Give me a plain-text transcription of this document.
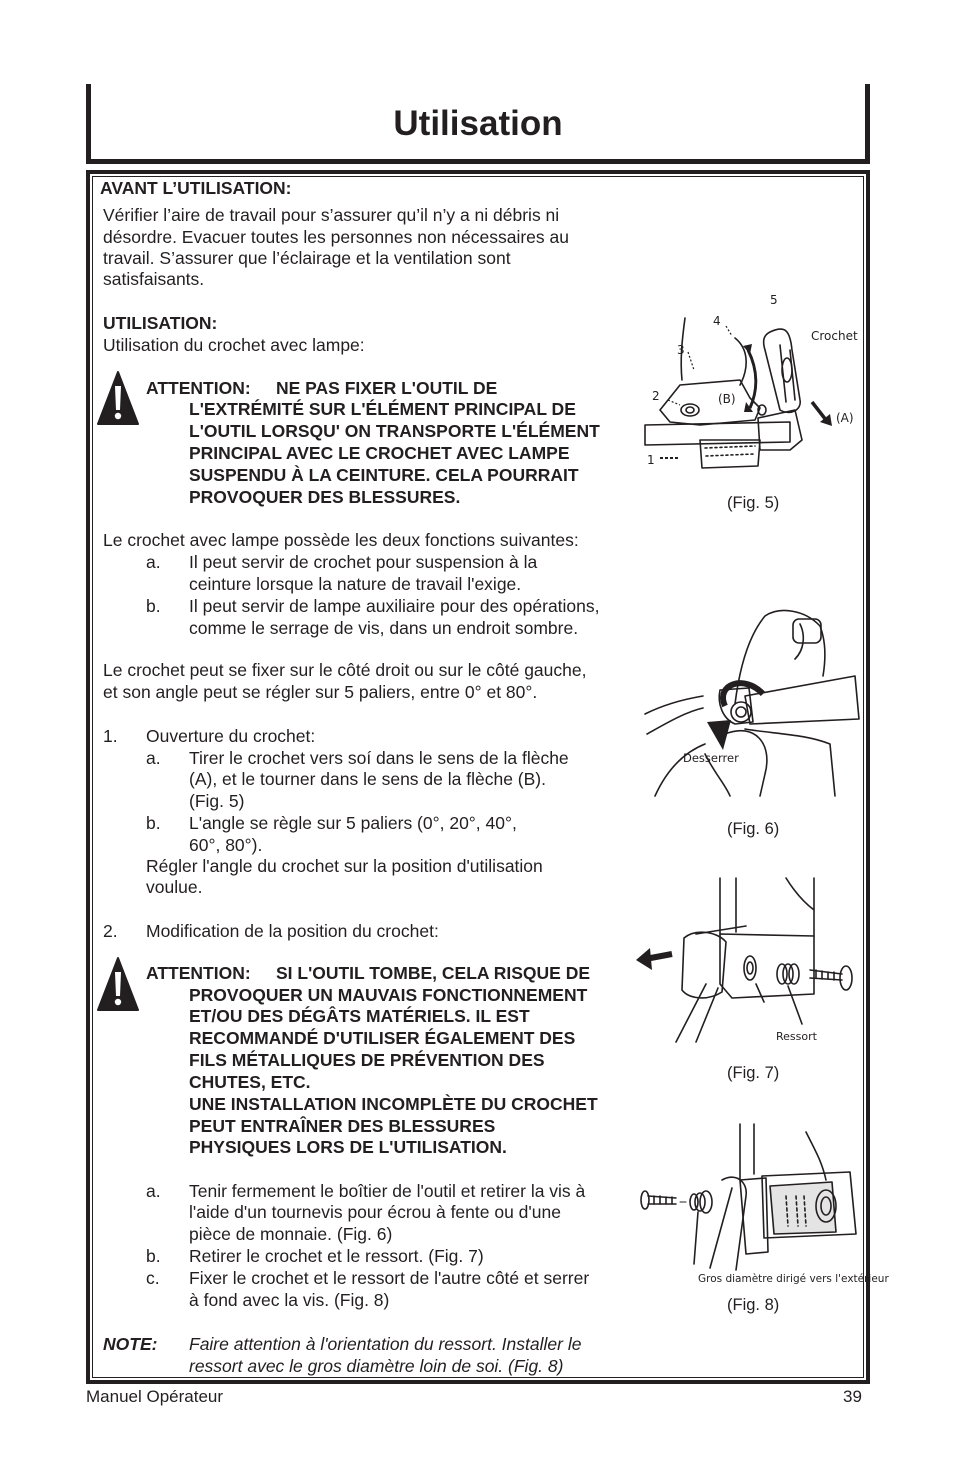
Utilisation
AVANT L’UTILISATION:
Vérifier l’aire de travail pour s’assurer qu’il n’y a ni débris ni
désordre. Evacuer toutes les personnes non nécessaires au
travail. S’assurer que l’éclairage et la ventilation sont
satisfaisants.
UTILISATION:
Utilisation du crochet avec lampe:
ATTENTION: NE PAS FIXER L'OUTIL DE
L'EXTRÉMITÉ SUR L'ÉLÉMENT PRINCIPAL DE
L'OUTIL LORSQU' ON TRANSPORTE L'ÉLÉMENT
PRINCIPAL AVEC LE CROCHET AVEC LAMPE
SUSPENDU À LA CEINTURE. CELA POURRAIT
PROVOQUER DES BLESSURES.
Le crochet avec lampe possède les deux fonctions suivantes:
a. Il peut servir de crochet pour suspension à la
ceinture lorsque la nature de travail l'exige.
b. Il peut servir de lampe auxiliaire pour des opérations,
comme le serrage de vis, dans un endroit sombre.
Le crochet peut se fixer sur le côté droit ou sur le côté gauche,
et son angle peut se régler sur 5 paliers, entre 0° et 80°.
1. Ouverture du crochet:
a. Tirer le crochet vers soí dans le sens de la flèche
(A), et le tourner dans le sens de la flèche (B).
(Fig. 5)
b. L'angle se règle sur 5 paliers (0°, 20°, 40°,
60°, 80°).
Régler l'angle du crochet sur la position d'utilisation
voulue.
2. Modification de la position du crochet:
ATTENTION: SI L'OUTIL TOMBE, CELA RISQUE DE
PROVOQUER UN MAUVAIS FONCTIONNEMENT
ET/OU DES DÉGÂTS MATÉRIELS. IL EST
RECOMMANDÉ D'UTILISER ÉGALEMENT DES
FILS MÉTALLIQUES DE PRÉVENTION DES
CHUTES, ETC.
UNE INSTALLATION INCOMPLÈTE DU CROCHET
PEUT ENTRAÎNER DES BLESSURES
PHYSIQUES LORS DE L'UTILISATION.
a. Tenir fermement le boîtier de l'outil et retirer la vis à
l'aide d'un tournevis pour écrou à fente ou d'une
pièce de monnaie. (Fig. 6)
b. Retirer le crochet et le ressort. (Fig. 7)
c. Fixer le crochet et le ressort de l'autre côté et serrer
à fond avec la vis. (Fig. 8)
NOTE: Faire attention à l'orientation du ressort. Installer le
ressort avec le gros diamètre loin de soi. (Fig. 8)
1
2
3
4
5
Crochet
(A)
(B)
(Fig. 5)
Desserrer
(Fig. 6)
Ressort
(Fig. 7)
Gros diamètre dirigé vers l'extérieur
(Fig. 8)
Manuel Opérateur	39
